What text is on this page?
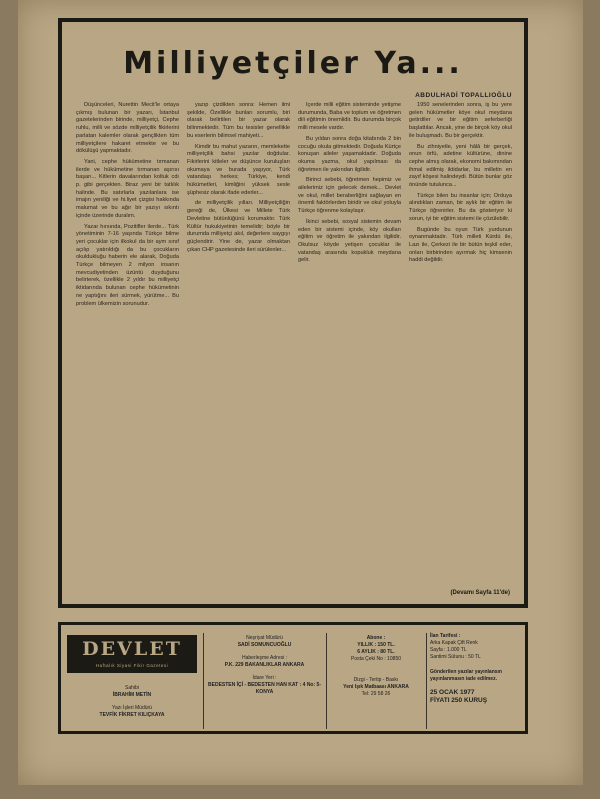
Milliyetçiler Ya...
ABDULHADİ TOPALLIOĞLU

Düşünceleri, Nurettin Mecit'le ortaya çıkmış bulunan bir yazarı, İstanbul gazetelerinden birinde, milliyetçi, Cephe ruhlu, milli ve sözde milliyetçilik fikirlerini parlatan kalemler olarak gençlikten tüm milliyetçilere hakaret etmekte ve bu dökülüşü yapmaktadır.

Yani, cephe hükümetine tırmanan ilerde ve hükümetine tırmanan aşırısı başarı... Kitlerin davalarından koltuk cdı p. gibi gerçekten. Biraz yeni bir tatlılık halinde. Bu satırlarla yazılanlara ise imajın yeniliği ve hi.liyet çizgisi hakkında malumat ve bu ağır bir yazıyı sıkıntı içinde üzerinde duralım.

Yazar hırsında, Pozitifler ilerde... Türk yönetiminin 7-16 yaşında Türkçe bilme yeri çocuklar için ilkokul da bir aym sınıf açılıp yatırıldığı da bu çocukların okuldukluğu haberin ele alarak, Doğuda Türkçe bilmeyen 2 milyon insanın mevcudiyetinden üzüntü duyduğunu belirterek, özellikle 2 yıldır bu milliyetçi iktidarında bulunan cephe hükümetinin ne yaptığını ileri sürmek, yürütme... Bu problem ülkemizin sorunudur.

yazıp çizdikten sonra: Hemen ilmi şekilde, Özellikle bunları sorumlu, biri olarak belirtilen bir yazar olarak bilinmektedir. Tüm bu tesisler genellikle bu eserlerin bilimsel mahiyeti...

Kimdir bu mahut yazarın, memlekette milliyetçilik bahsi yazılar doğdular. Fikirlerini kitleler ve düşünce kuruluşları okumaya ve burada yaşıyor, Türk vatandaşı herkes; Türkiye, kendi hükümetleri, kimliğini yüksek sesle şüphesiz olarak ifade ederler...

de milliyetçilik yılları. Milliyetçiliğin gereği de, Ülkesi ve Millete Türk Devletine bütünlüğünü korumaktır. Türk Kültür hukukiyetinin temelidir; böyle bir durumda milliyetçi akıl, değerlere saygıyı güçlendirir. Yine de, yazar olmaktan çıkan CHP gazetesinde ileri sürülenler...

İçerde milli eğitim sisteminde yetişme durumunda, Baba ve toplum ve öğretmen dili eğitimin önemlidir. Bu durumda birçok milli mesele vardır.

Bu yıldan sonra doğa kitabında 2 bin cocuğu okula gitmektedir. Doğuda Kürtçe konuşan aileler yaşamaktadır. Doğuda okuma yazma, okul yapılması da öğretmen ile yakından ilgilidir.

Birinci sebebi, öğretmen hepimiz ve ailelerimiz için gelecek demek... Devlet ve okul, millet beraberliğini sağlayan en önemli faktörlerden biridir ve okul yoluyla Türkçe öğrenme kolaylaşır.

İkinci sebebi, sosyal sistemin devam eden bir sistemi içinde, köy okulları eğitim ve öğretim ile yakından ilgilidir. Okulsuz köyde yetişen çocuklar ile vatandaş arasında kopukluk meydana gelir.

1950 senelerinden sonra, iş bu yere gelen hükümetler köye okul meydana getirdiler ve bir eğitim seferberliği başlattılar. Ancak, yine de birçok köy okul ile buluşmadı. Bu bir gerçektir.

Bu zihniyetle, yeni hâlâ bir gerçek, onun örfü, adetine kültürüne, dinine cephe almış olarak, ekonomi bakımından ihmal edilmiş iktidarlar, bu milletin en zayıf köşesi halindeydi. Bütün bunlar göz önünde tutulunca...

Türkçe bilen bu insanlar için; Orduya alındıkları zaman, bir aylık bir eğitim ile Türkçe öğrenirler. Bu da gösteriyor ki sorun, iyi bir eğitim sistemi ile çözülebilir.

Bugünde bu oyun Türk yurdunun oynanmaktadır. Türk milleti Kürdü ile, Lazı ile, Çerkezi ile bir bütün teşkil eder, onları birbirinden ayırmak hiç kimsenin haddi değildir.

(Devamı Sayfa 11'de)
DEVLET
Haftalık Siyasi Fikir Gazetesi
Sahibi
İBRAHİM METİN
Yazı İşleri Müdürü
TEVFİK FİKRET KILIÇKAYA
Neşriyat Müdürü
SADİ SOMUNCUOĞLU
Haberleşme Adresi :
P.K. 229 BAKANLIKLAR ANKARA
İdare Yeri :
BEDESTEN İÇİ - BEDESTEN HAN KAT : 4 No: 5-KONYA
Abone :
YILLIK : 150 TL.
6 AYLIK : 80 TL.
Posta Çeki No : 10850
Dizgi - Tertip - Baskı
Yeni Işık Matbaası ANKARA
Tel: 29 58 26
İlan Tarifesi :
Arka Kapak Çift Renk
Sayfa : 1.000 TL
Santimi Sütunu : 50 TL
Gönderilen yazılar yayınlansın yayınlanmasın iade edilmez.
25 OCAK 1977
FİYATI 250 KURUŞ
